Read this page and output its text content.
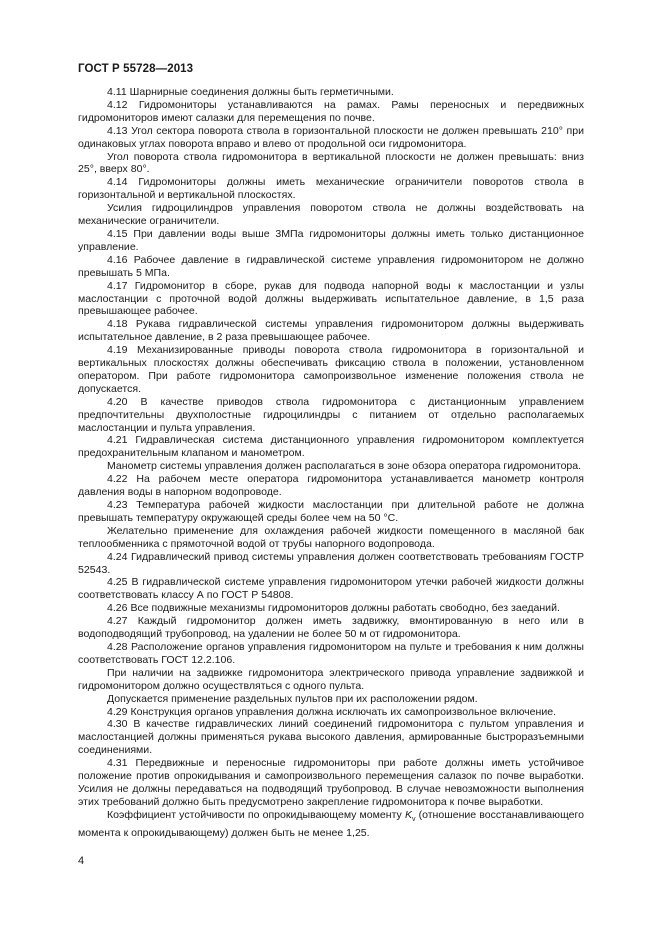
ГОСТ Р 55728—2013

4.11 Шарнирные соединения должны быть герметичными.

4.12 Гидромониторы устанавливаются на рамах. Рамы переносных и передвижных гидромониторов имеют салазки для перемещения по почве.

4.13 Угол сектора поворота ствола в горизонтальной плоскости не должен превышать 210° при одинаковых углах поворота вправо и влево от продольной оси гидромонитора.

Угол поворота ствола гидромонитора в вертикальной плоскости не должен превышать: вниз 25°, вверх 80°.

4.14 Гидромониторы должны иметь механические ограничители поворотов ствола в горизонтальной и вертикальной плоскостях.

Усилия гидроцилиндров управления поворотом ствола не должны воздействовать на механические ограничители.

4.15 При давлении воды выше 3МПа гидромониторы должны иметь только дистанционное управление.

4.16 Рабочее давление в гидравлической системе управления гидромонитором не должно превышать 5 МПа.

4.17 Гидромонитор в сборе, рукав для подвода напорной воды к маслостанции и узлы маслостанции с проточной водой должны выдерживать испытательное давление, в 1,5 раза превышающее рабочее.

4.18 Рукава гидравлической системы управления гидромонитором должны выдерживать испытательное давление, в 2 раза превышающее рабочее.

4.19 Механизированные приводы поворота ствола гидромонитора в горизонтальной и вертикальных плоскостях должны обеспечивать фиксацию ствола в положении, установленном оператором. При работе гидромонитора самопроизвольное изменение положения ствола не допускается.

4.20 В качестве приводов ствола гидромонитора с дистанционным управлением предпочтительны двухполостные гидроцилиндры с питанием от отдельно располагаемых маслостанции и пульта управления.

4.21 Гидравлическая система дистанционного управления гидромонитором комплектуется предохранительным клапаном и манометром.

Манометр системы управления должен располагаться в зоне обзора оператора гидромонитора.

4.22 На рабочем месте оператора гидромонитора устанавливается манометр контроля давления воды в напорном водопроводе.

4.23 Температура рабочей жидкости маслостанции при длительной работе не должна превышать температуру окружающей среды более чем на 50 °С.

Желательно применение для охлаждения рабочей жидкости помещенного в масляной бак теплообменника с прямоточной водой от трубы напорного водопровода.

4.24 Гидравлический привод системы управления должен соответствовать требованиям ГОСТР 52543.

4.25 В гидравлической системе управления гидромонитором утечки рабочей жидкости должны соответствовать классу А по ГОСТ Р 54808.

4.26 Все подвижные механизмы гидромониторов должны работать свободно, без заеданий.

4.27 Каждый гидромонитор должен иметь задвижку, вмонтированную в него или в водоподводящий трубопровод, на удалении не более 50 м от гидромонитора.

4.28 Расположение органов управления гидромонитором на пульте и требования к ним должны соответствовать ГОСТ 12.2.106.

При наличии на задвижке гидромонитора электрического привода управление задвижкой и гидромонитором должно осуществляться с одного пульта.

Допускается применение раздельных пультов при их расположении рядом.

4.29 Конструкция органов управления должна исключать их самопроизвольное включение.

4.30 В качестве гидравлических линий соединений гидромонитора с пультом управления и маслостанцией должны применяться рукава высокого давления, армированные быстроразъемными соединениями.

4.31 Передвижные и переносные гидромониторы при работе должны иметь устойчивое положение против опрокидывания и самопроизвольного перемещения салазок по почве выработки. Усилия не должны передаваться на подводящий трубопровод. В случае невозможности выполнения этих требований должно быть предусмотрено закрепление гидромонитора к почве выработки.

Коэффициент устойчивости по опрокидывающему моменту $K_v$ (отношение восстанавливающего момента к опрокидывающему) должен быть не менее 1,25.

4
